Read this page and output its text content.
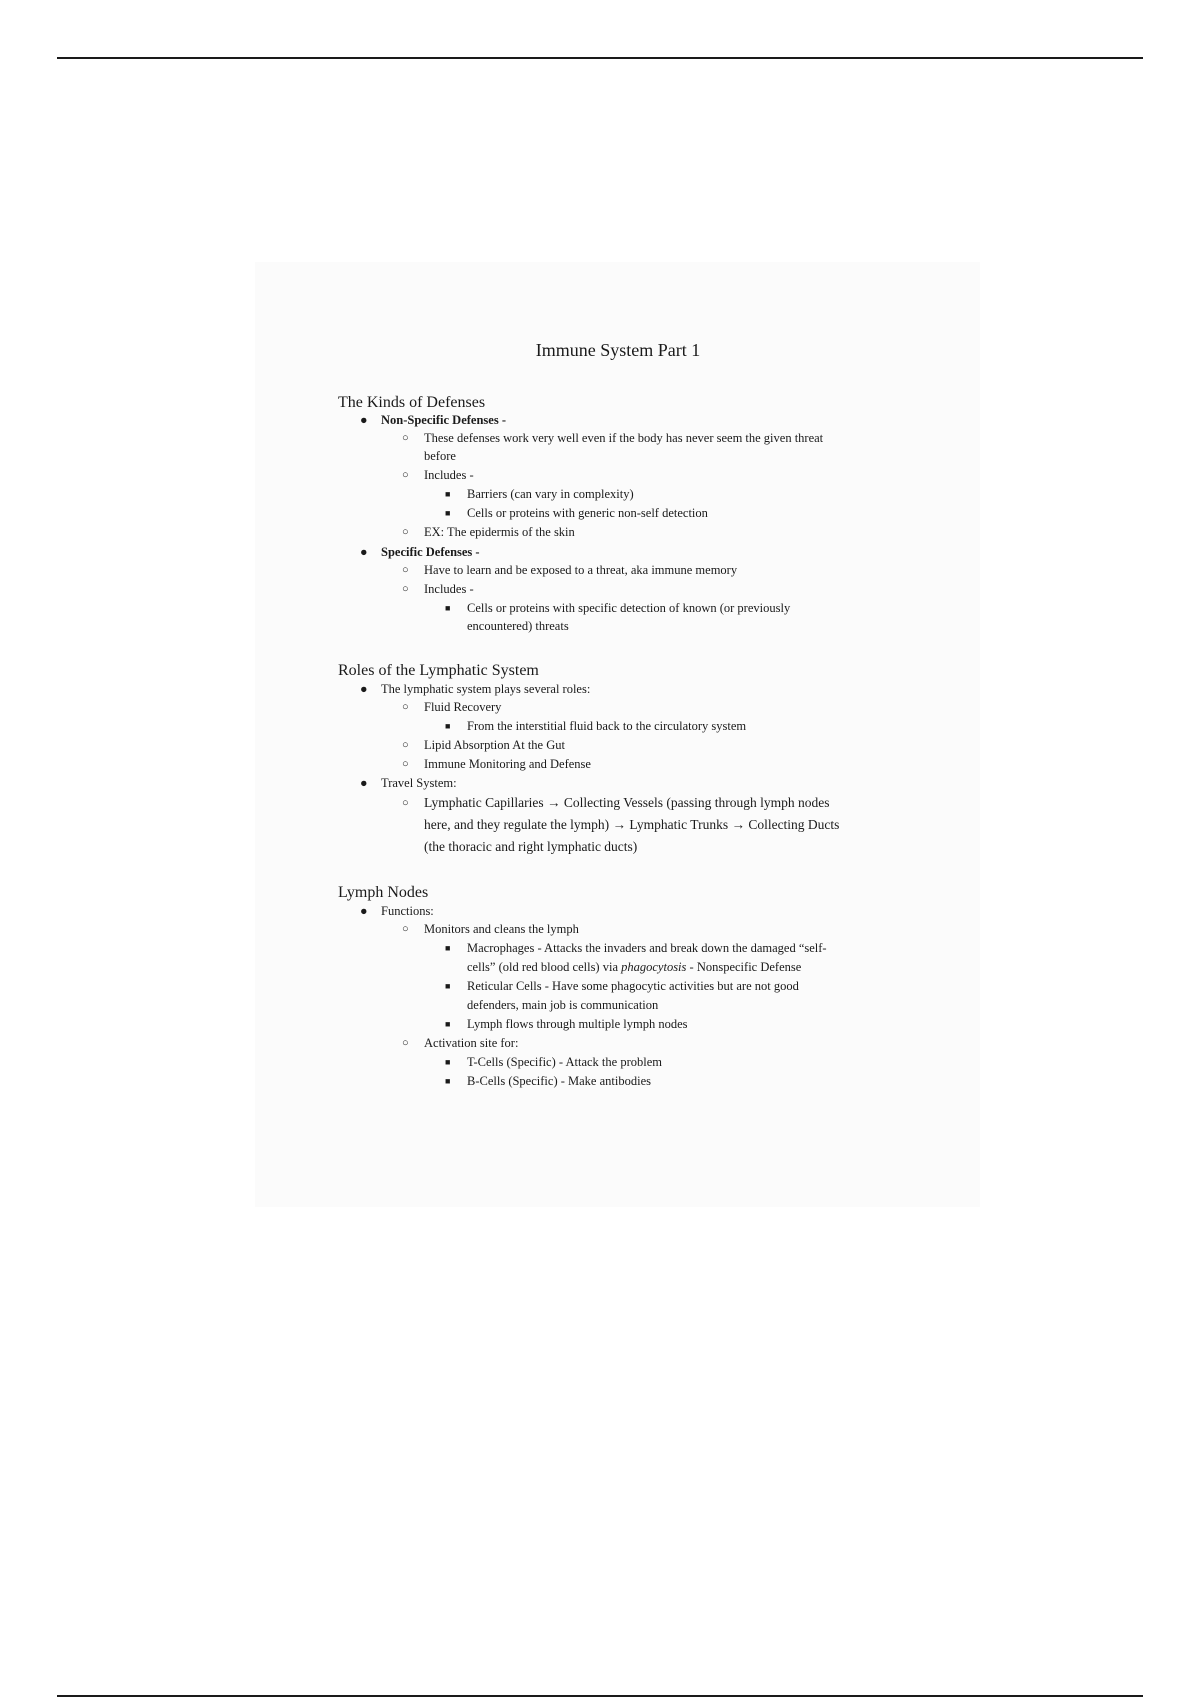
Immune System Part 1
The Kinds of Defenses
● Non-Specific Defenses -
○ These defenses work very well even if the body has never seem the given threat
before
○ Includes -
■ Barriers (can vary in complexity)
■ Cells or proteins with generic non-self detection
○ EX: The epidermis of the skin
● Specific Defenses -
○ Have to learn and be exposed to a threat, aka immune memory
○ Includes -
■ Cells or proteins with specific detection of known (or previously
encountered) threats
Roles of the Lymphatic System
● The lymphatic system plays several roles:
○ Fluid Recovery
■ From the interstitial fluid back to the circulatory system
○ Lipid Absorption At the Gut
○ Immune Monitoring and Defense
● Travel System:
○ Lymphatic Capillaries → Collecting Vessels (passing through lymph nodes
here, and they regulate the lymph) → Lymphatic Trunks → Collecting Ducts
(the thoracic and right lymphatic ducts)
Lymph Nodes
● Functions:
○ Monitors and cleans the lymph
■ Macrophages - Attacks the invaders and break down the damaged “self-
cells” (old red blood cells) via phagocytosis - Nonspecific Defense
■ Reticular Cells - Have some phagocytic activities but are not good
defenders, main job is communication
■ Lymph flows through multiple lymph nodes
○ Activation site for:
■ T-Cells (Specific) - Attack the problem
■ B-Cells (Specific) - Make antibodies
